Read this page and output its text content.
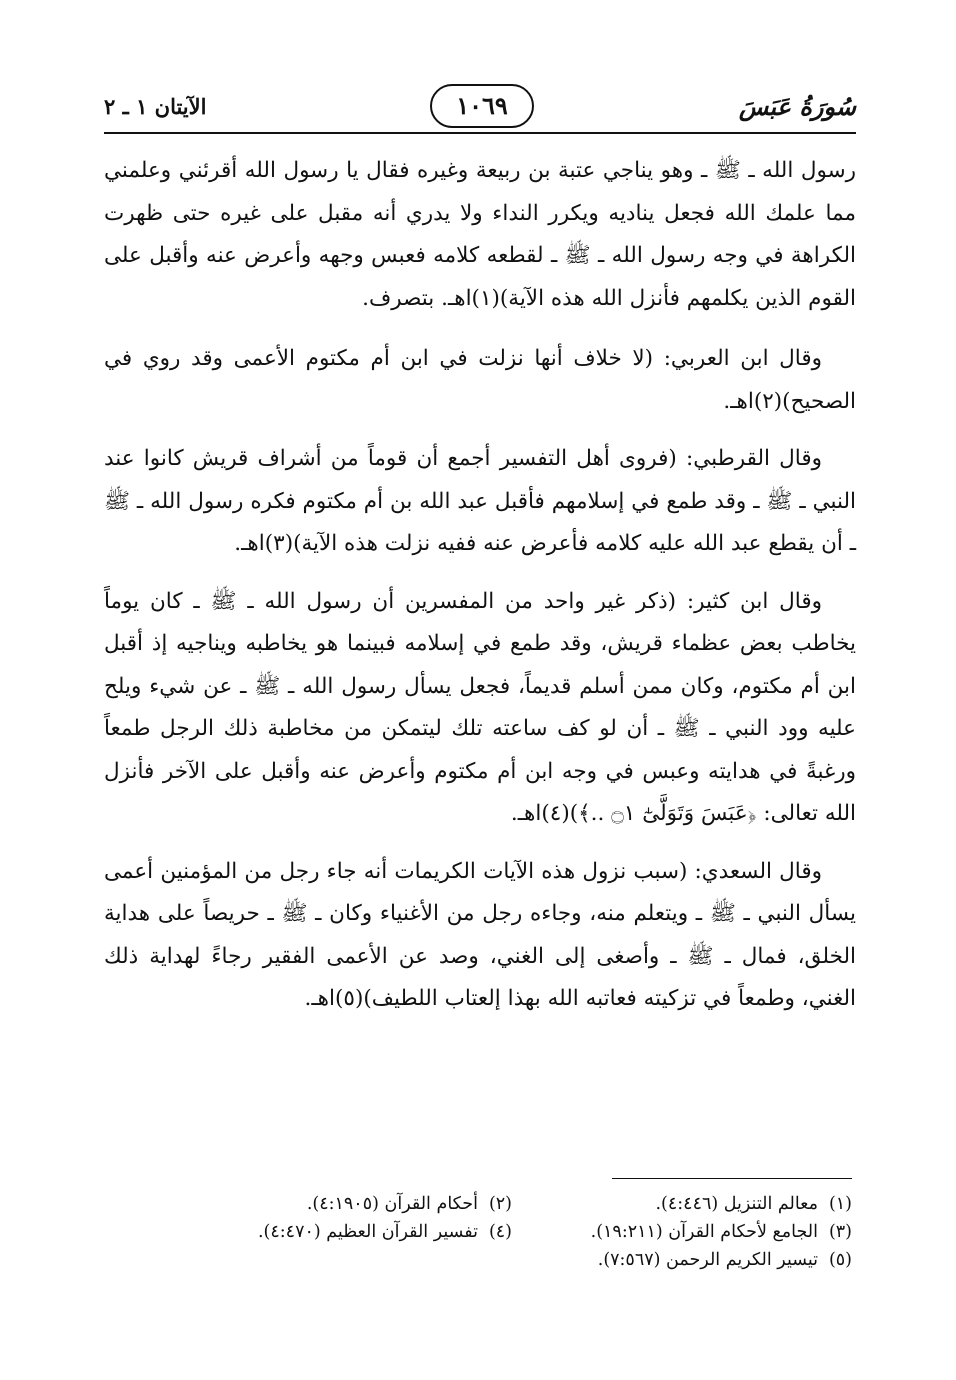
سُورَةُ عَبَسَ
١٠٦٩
الآيتان ١ ـ ٢

رسول الله ـ ﷺ ـ وهو يناجي عتبة بن ربيعة وغيره فقال يا رسول الله أقرئني وعلمني مما علمك الله فجعل يناديه ويكرر النداء ولا يدري أنه مقبل على غيره حتى ظهرت الكراهة في وجه رسول الله ـ ﷺ ـ لقطعه كلامه فعبس وجهه وأعرض عنه وأقبل على القوم الذين يكلمهم فأنزل الله هذه الآية)(١)اهـ. بتصرف.

وقال ابن العربي: (لا خلاف أنها نزلت في ابن أم مكتوم الأعمى وقد روي في الصحيح)(٢)اهـ.

وقال القرطبي: (فروى أهل التفسير أجمع أن قوماً من أشراف قريش كانوا عند النبي ـ ﷺ ـ وقد طمع في إسلامهم فأقبل عبد الله بن أم مكتوم فكره رسول الله ـ ﷺ ـ أن يقطع عبد الله عليه كلامه فأعرض عنه ففيه نزلت هذه الآية)(٣)اهـ.

وقال ابن كثير: (ذكر غير واحد من المفسرين أن رسول الله ـ ﷺ ـ كان يوماً يخاطب بعض عظماء قريش، وقد طمع في إسلامه فبينما هو يخاطبه ويناجيه إذ أقبل ابن أم مكتوم، وكان ممن أسلم قديماً، فجعل يسأل رسول الله ـ ﷺ ـ عن شيء ويلح عليه وود النبي ـ ﷺ ـ أن لو كف ساعته تلك ليتمكن من مخاطبة ذلك الرجل طمعاً ورغبةً في هدايته وعبس في وجه ابن أم مكتوم وأعرض عنه وأقبل على الآخر فأنزل الله تعالى: ﴿عَبَسَ وَتَوَلَّىٰٓ ۝١ ..﴾)(٤)اهـ.

وقال السعدي: (سبب نزول هذه الآيات الكريمات أنه جاء رجل من المؤمنين أعمى يسأل النبي ـ ﷺ ـ ويتعلم منه، وجاءه رجل من الأغنياء وكان ـ ﷺ ـ حريصاً على هداية الخلق، فمال ـ ﷺ ـ وأصغى إلى الغني، وصد عن الأعمى الفقير رجاءً لهداية ذلك الغني، وطمعاً في تزكيته فعاتبه الله بهذا إلعتاب اللطيف)(٥)اهـ.

(١)معالم التنزيل (٤:٤٤٦).
(٢)أحكام القرآن (٤:١٩٠٥).
(٣)الجامع لأحكام القرآن (١٩:٢١١).
(٤)تفسير القرآن العظيم (٤:٤٧٠).
(٥)تيسير الكريم الرحمن (٧:٥٦٧).
